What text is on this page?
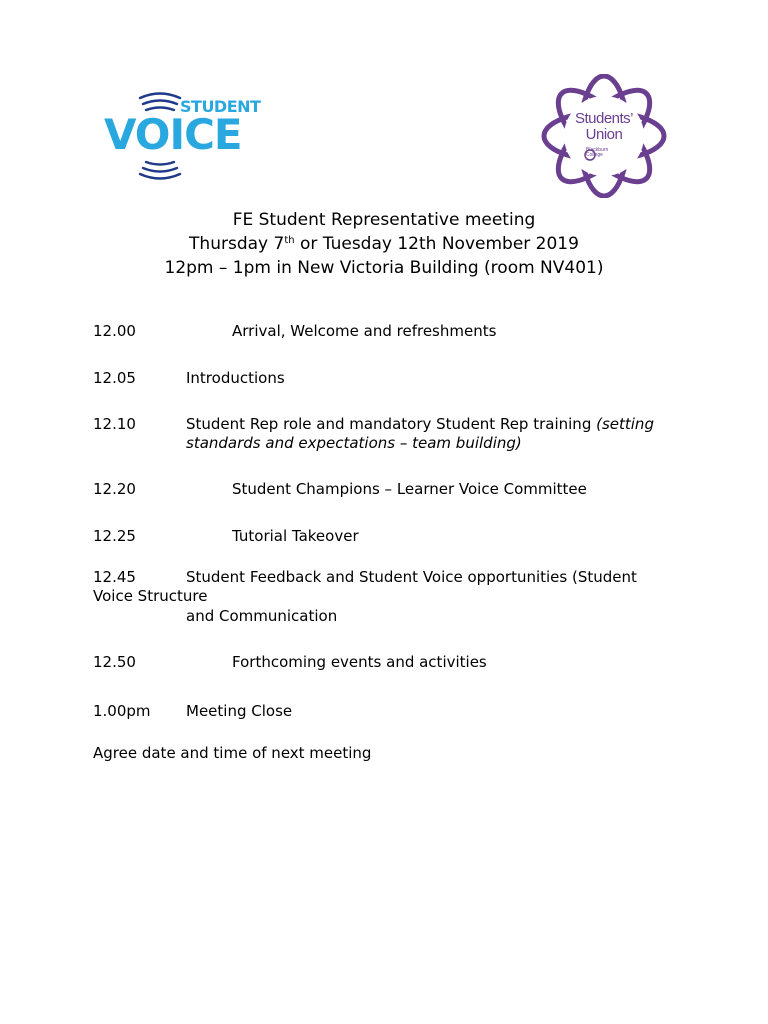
STUDENT
VOICE	Students’
Union
Blackburn
College
FE Student Representative meeting
Thursday 7th or Tuesday 12th November 2019
12pm – 1pm in New Victoria Building (room NV401)
12.00	Arrival, Welcome and refreshments
12.05	Introductions
12.10	Student Rep role and mandatory Student Rep training (setting
standards and expectations – team building)
12.20	Student Champions – Learner Voice Committee
12.25	Tutorial Takeover
12.45	Student Feedback and Student Voice opportunities (Student
Voice Structure
and Communication
12.50	Forthcoming events and activities
1.00pm Meeting Close
Agree date and time of next meeting
